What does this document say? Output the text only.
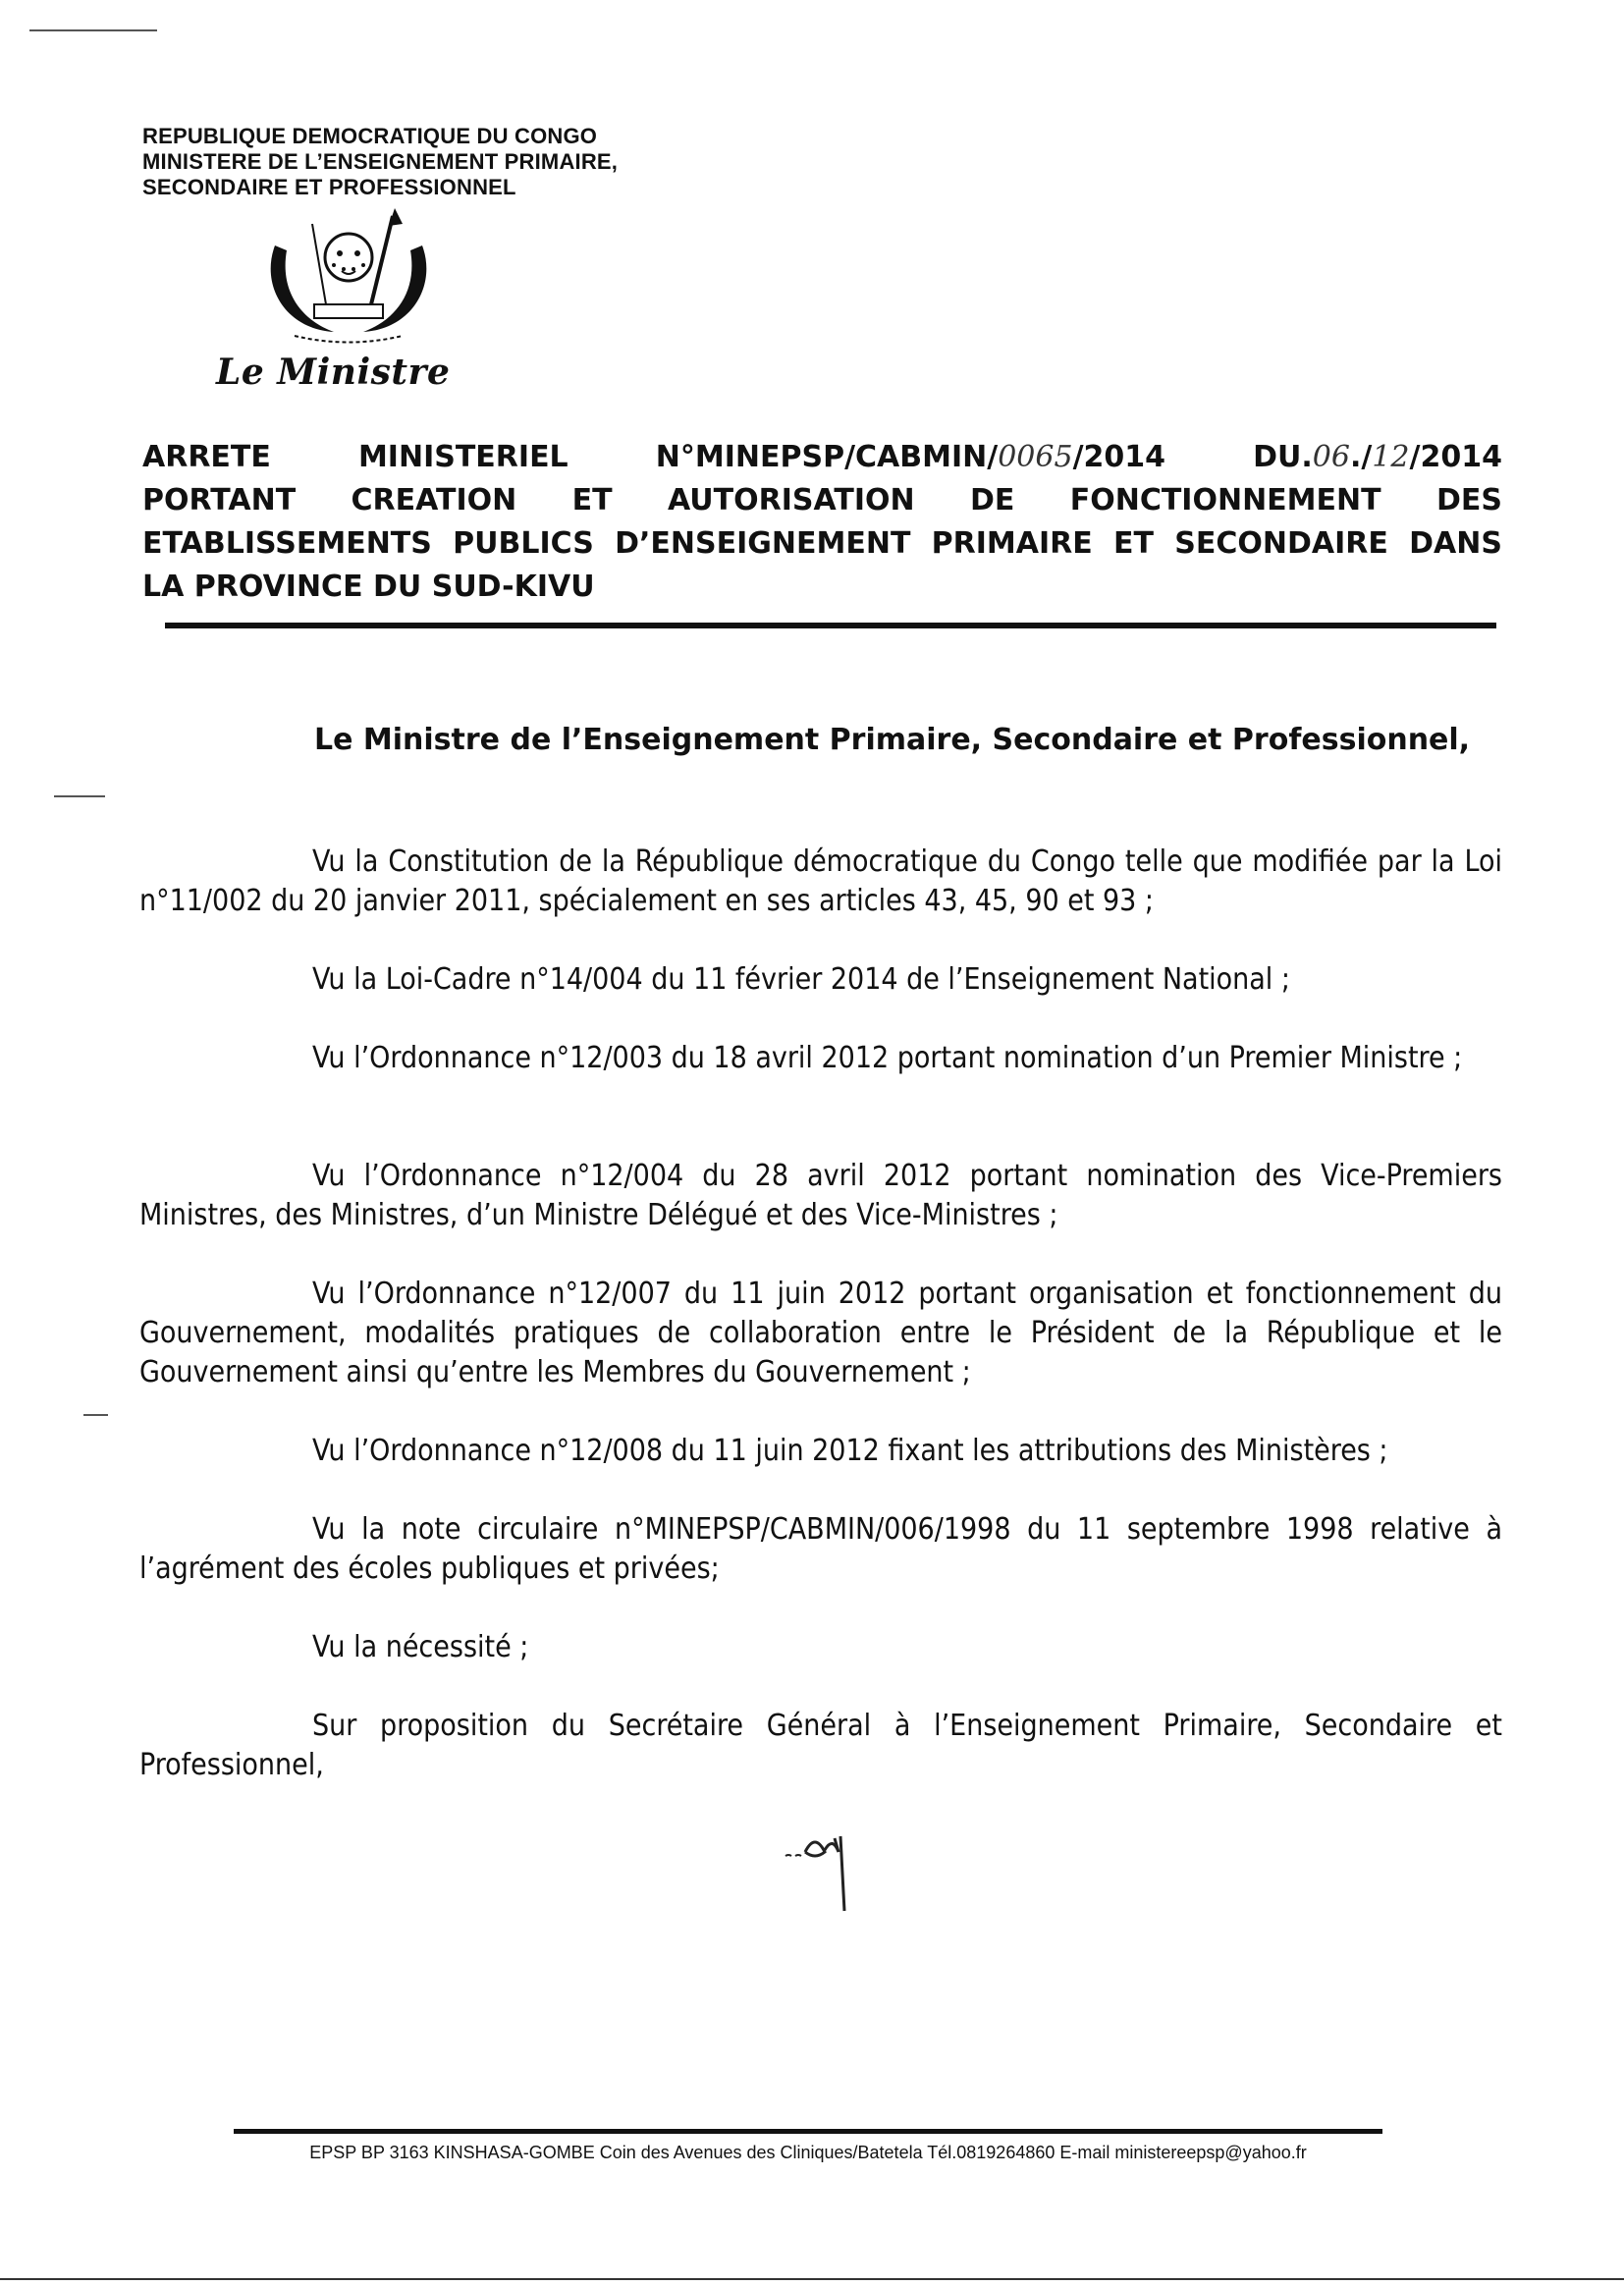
REPUBLIQUE DEMOCRATIQUE DU CONGO
MINISTERE DE L’ENSEIGNEMENT PRIMAIRE,
SECONDAIRE ET PROFESSIONNEL
Le Ministre
ARRETE	MINISTERIEL	N°MINEPSP/CABMIN/0065/2014	DU.06./12/2014
PORTANT CREATION ET AUTORISATION DE FONCTIONNEMENT DES
ETABLISSEMENTS PUBLICS D’ENSEIGNEMENT PRIMAIRE ET SECONDAIRE DANS
LA PROVINCE DU SUD-KIVU
Le Ministre de l’Enseignement Primaire, Secondaire et Professionnel,
Vu la Constitution de la République démocratique du Congo telle que modifiée par la Loi n°11/002 du 20 janvier 2011, spécialement en ses articles 43, 45, 90 et 93 ;
Vu la Loi-Cadre n°14/004 du 11 février 2014 de l’Enseignement National ;
Vu l’Ordonnance n°12/003 du 18 avril 2012 portant nomination d’un Premier Ministre ;
Vu l’Ordonnance n°12/004 du 28 avril 2012 portant nomination des Vice-Premiers Ministres, des Ministres, d’un Ministre Délégué et des Vice-Ministres ;
Vu l’Ordonnance n°12/007 du 11 juin 2012 portant organisation et fonctionnement du Gouvernement, modalités pratiques de collaboration entre le Président de la République et le Gouvernement ainsi qu’entre les Membres du Gouvernement ;
Vu l’Ordonnance n°12/008 du 11 juin 2012 fixant les attributions des Ministères ;
Vu la note circulaire n°MINEPSP/CABMIN/006/1998 du 11 septembre 1998 relative à l’agrément des écoles publiques et privées;
Vu la nécessité ;
Sur proposition du Secrétaire Général à l’Enseignement Primaire, Secondaire et Professionnel,
EPSP BP 3163 KINSHASA-GOMBE Coin des Avenues des Cliniques/Batetela Tél.0819264860 E-mail ministereepsp@yahoo.fr
